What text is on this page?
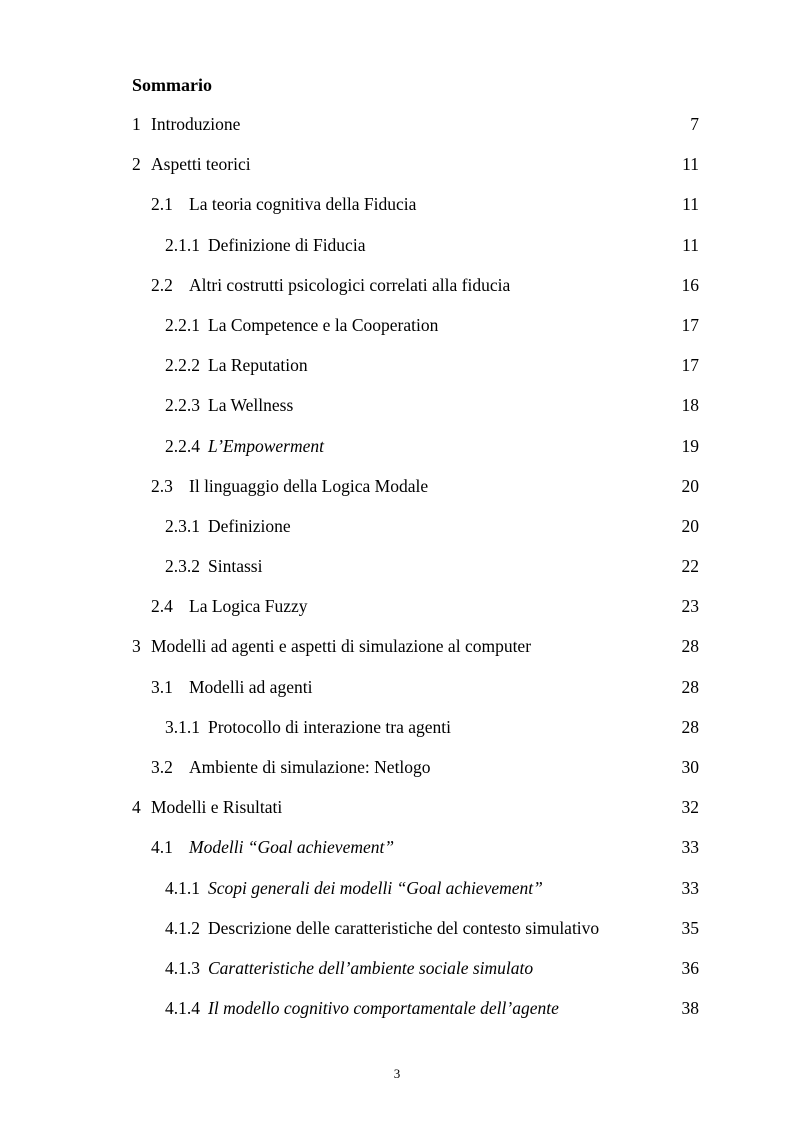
Sommario
1 Introduzione	7
2 Aspetti teorici	11
2.1 La teoria cognitiva della Fiducia	11
2.1.1 Definizione di Fiducia	11
2.2 Altri costrutti psicologici correlati alla fiducia	16
2.2.1 La Competence e la Cooperation	17
2.2.2 La Reputation	17
2.2.3 La Wellness	18
2.2.4 L’Empowerment	19
2.3 Il linguaggio della Logica Modale	20
2.3.1 Definizione	20
2.3.2 Sintassi	22
2.4 La Logica Fuzzy	23
3 Modelli ad agenti e aspetti di simulazione al computer	28
3.1 Modelli ad agenti	28
3.1.1 Protocollo di interazione tra agenti	28
3.2 Ambiente di simulazione: Netlogo	30
4 Modelli e Risultati	32
4.1 Modelli “Goal achievement”	33
4.1.1 Scopi generali dei modelli “Goal achievement”	33
4.1.2 Descrizione delle caratteristiche del contesto simulativo	35
4.1.3 Caratteristiche dell’ambiente sociale simulato	36
4.1.4 Il modello cognitivo comportamentale dell’agente	38
3
